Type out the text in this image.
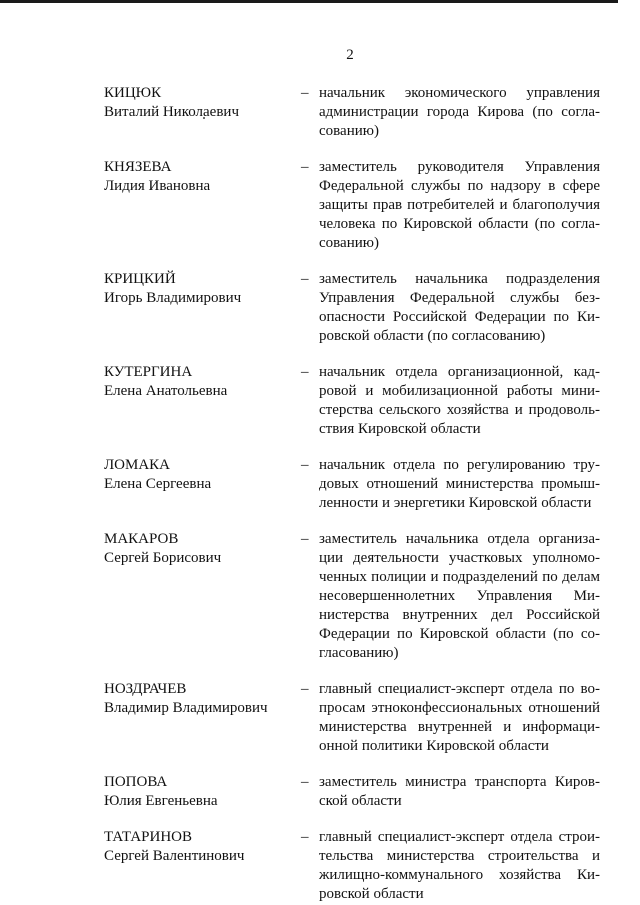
2
КИЦЮК
Виталий Николаевич
– начальник экономического управления администрации города Кирова (по согласованию)
КНЯЗЕВА
Лидия Ивановна
– заместитель руководителя Управления Федеральной службы по надзору в сфере защиты прав потребителей и благополучия человека по Кировской области (по согласованию)
КРИЦКИЙ
Игорь Владимирович
– заместитель начальника подразделения Управления Федеральной службы безопасности Российской Федерации по Кировской области (по согласованию)
КУТЕРГИНА
Елена Анатольевна
– начальник отдела организационной, кадровой и мобилизационной работы министерства сельского хозяйства и продовольствия Кировской области
ЛОМАКА
Елена Сергеевна
– начальник отдела по регулированию трудовых отношений министерства промышленности и энергетики Кировской области
МАКАРОВ
Сергей Борисович
– заместитель начальника отдела организации деятельности участковых уполномоченных полиции и подразделений по делам несовершеннолетних Управления Министерства внутренних дел Российской Федерации по Кировской области (по согласованию)
НОЗДРАЧЕВ
Владимир Владимирович
– главный специалист-эксперт отдела по вопросам этноконфессиональных отношений министерства внутренней и информационной политики Кировской области
ПОПОВА
Юлия Евгеньевна
– заместитель министра транспорта Кировской области
ТАТАРИНОВ
Сергей Валентинович
– главный специалист-эксперт отдела строительства министерства строительства и жилищно-коммунального хозяйства Кировской области
